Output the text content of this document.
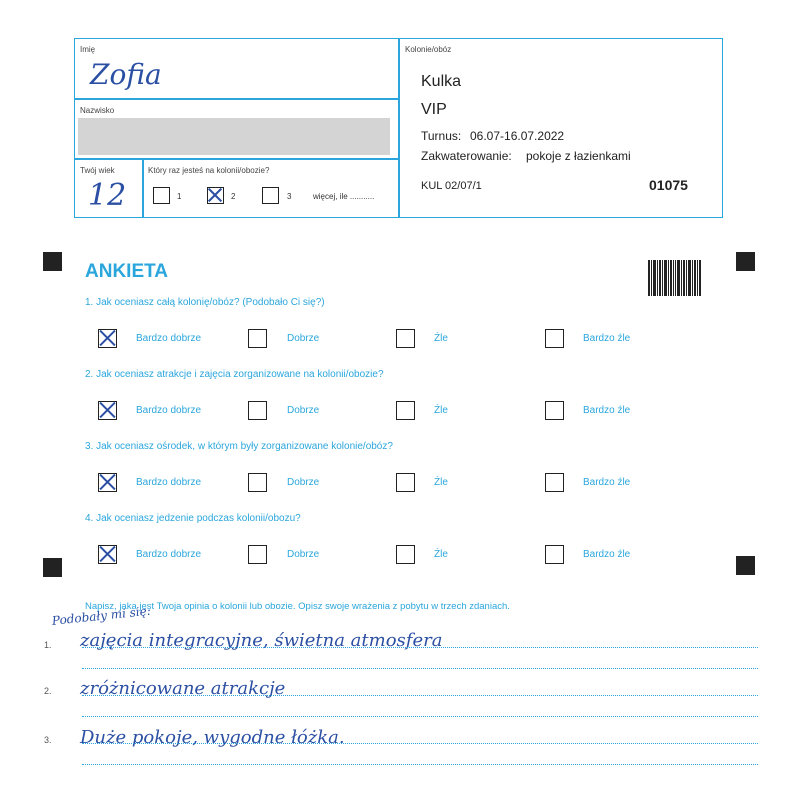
Imię
Zofia
Nazwisko
Twój wiek
12
Który raz jesteś na kolonii/obozie?
1	2	3	więcej, ile ...........
Kolonie/obóz
Kulka
VIP
Turnus: 06.07-16.07.2022
Zakwaterowanie: pokoje z łazienkami
KUL 02/07/1	01075
ANKIETA
1. Jak oceniasz całą kolonię/obóz? (Podobało Ci się?)
Bardzo dobrze	Dobrze	Źle	Bardzo źle
2. Jak oceniasz atrakcje i zajęcia zorganizowane na kolonii/obozie?
Bardzo dobrze	Dobrze	Źle	Bardzo źle
3. Jak oceniasz ośrodek, w którym były zorganizowane kolonie/obóz?
Bardzo dobrze	Dobrze	Źle	Bardzo źle
4. Jak oceniasz jedzenie podczas kolonii/obozu?
Bardzo dobrze	Dobrze	Źle	Bardzo źle
Napisz, jaka jest Twoja opinia o kolonii lub obozie. Opisz swoje wrażenia z pobytu w trzech zdaniach.
Podobały mi się:
1. zajęcia integracyjne, świetna atmosfera
2. zróżnicowane atrakcje
3. Duże pokoje, wygodne łóżka.
